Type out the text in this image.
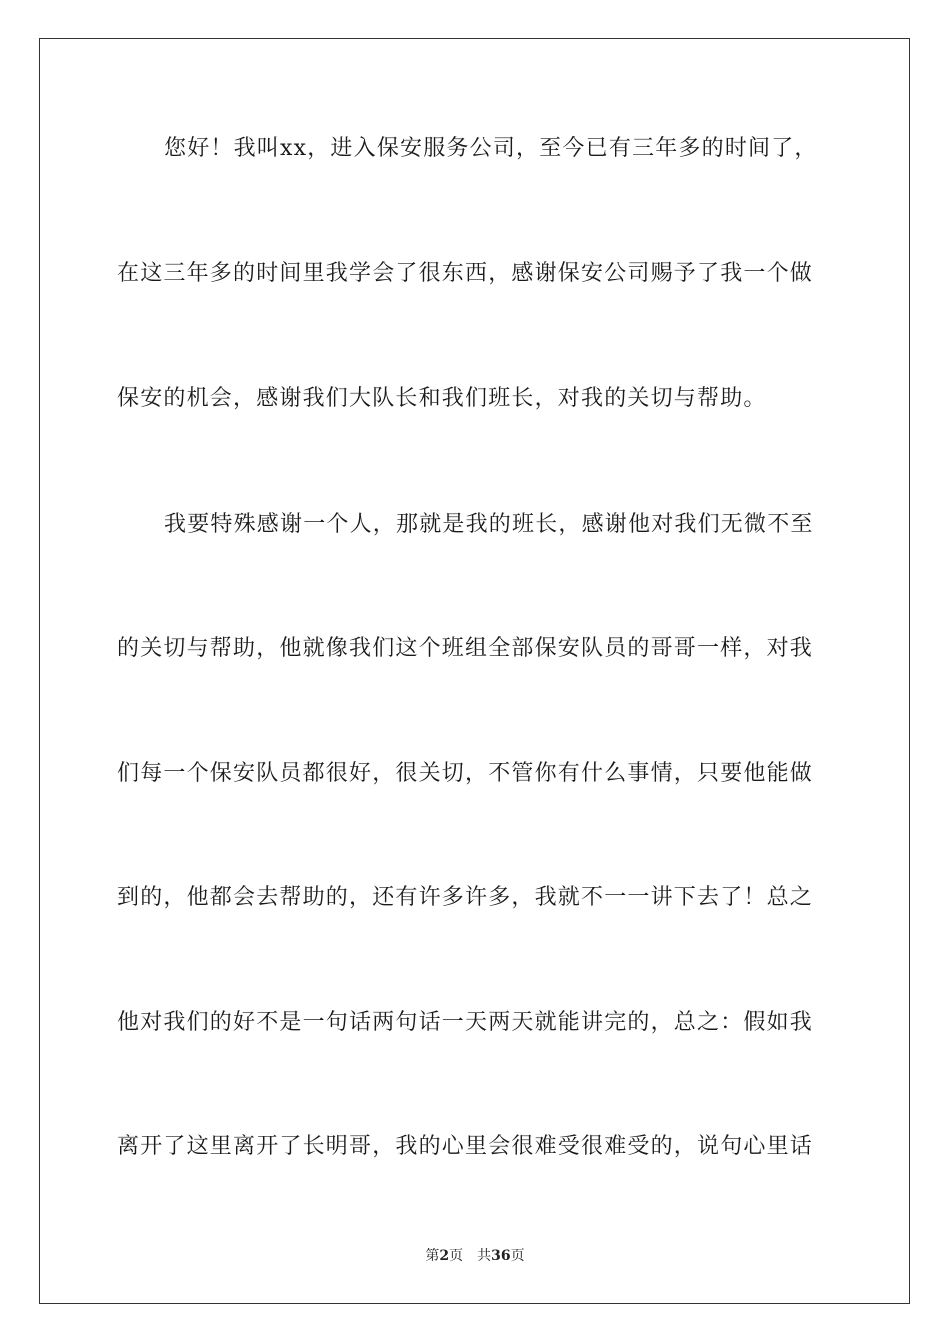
您好！我叫xx，进入保安服务公司，至今已有三年多的时间了，
在这三年多的时间里我学会了很东西，感谢保安公司赐予了我一个做
保安的机会，感谢我们大队长和我们班长，对我的关切与帮助。
我要特殊感谢一个人，那就是我的班长，感谢他对我们无微不至
的关切与帮助，他就像我们这个班组全部保安队员的哥哥一样，对我
们每一个保安队员都很好，很关切，不管你有什么事情，只要他能做
到的，他都会去帮助的，还有许多许多，我就不一一讲下去了！总之
他对我们的好不是一句话两句话一天两天就能讲完的，总之：假如我
离开了这里离开了长明哥，我的心里会很难受很难受的，说句心里话
第2页 共36页
